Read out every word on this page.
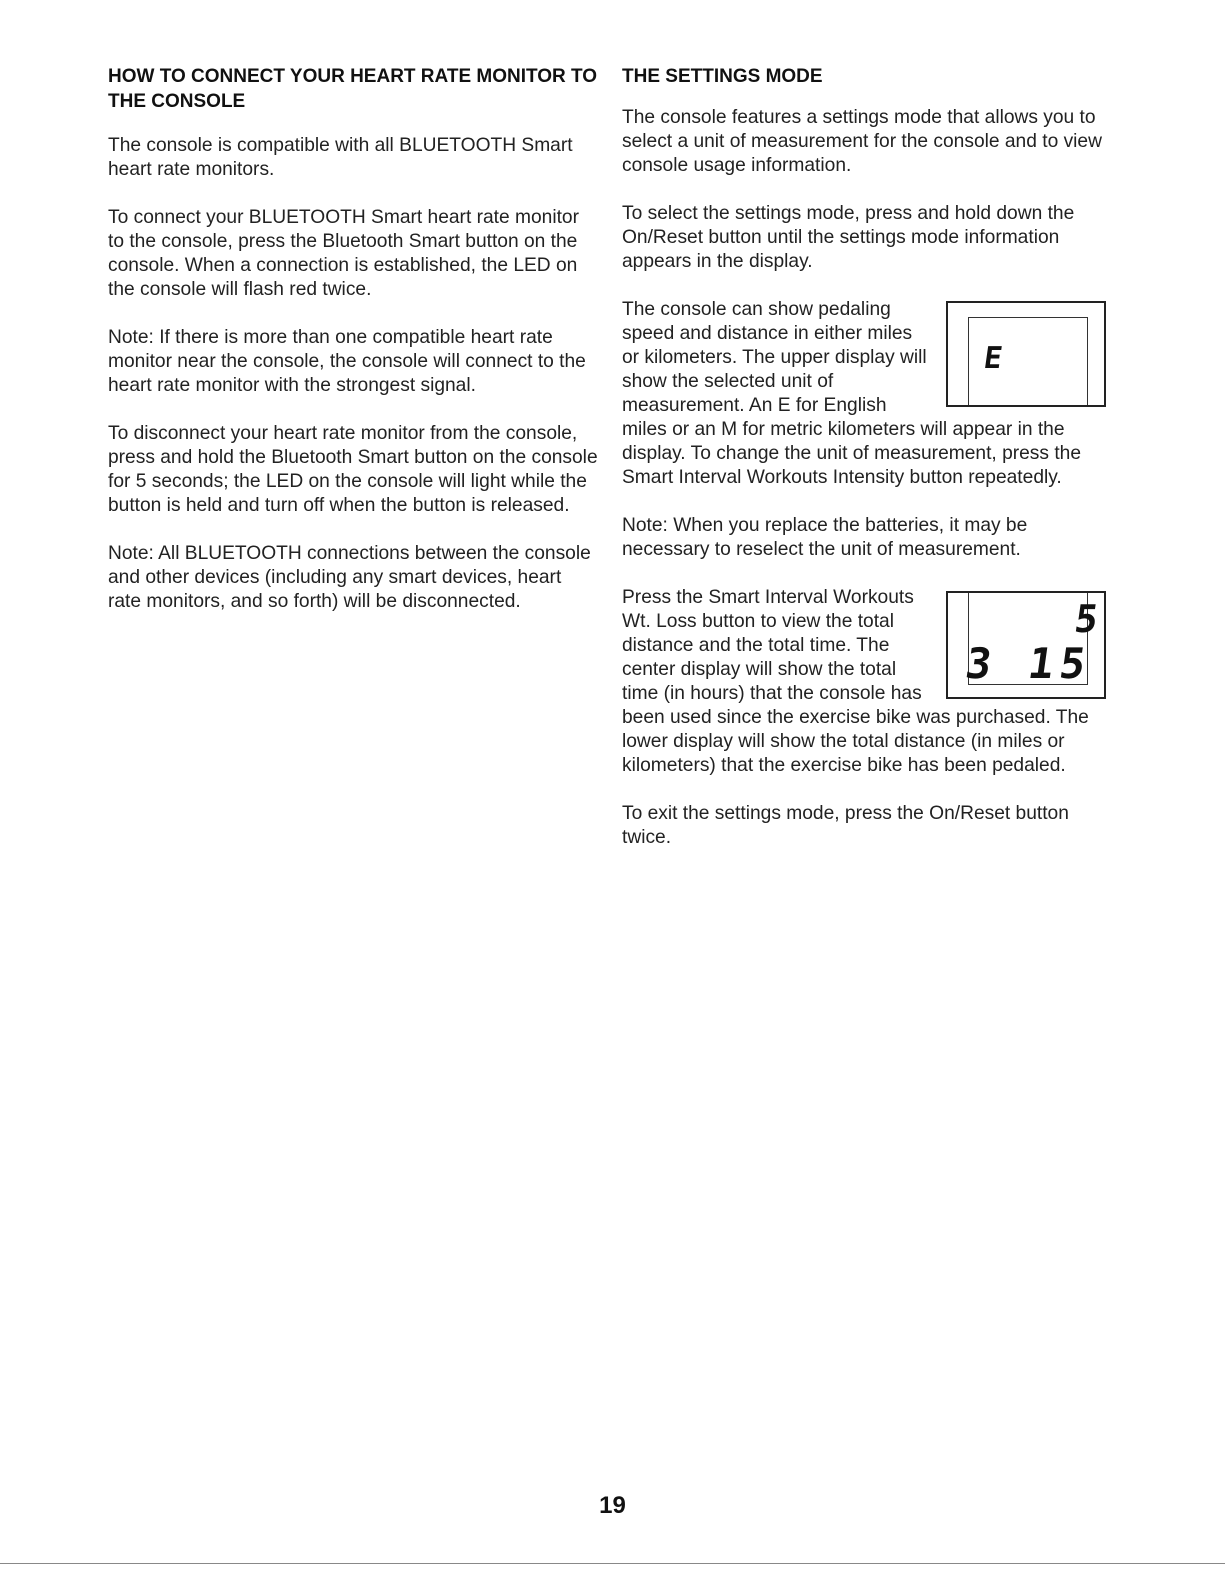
HOW TO CONNECT YOUR HEART RATE MONITOR TO THE CONSOLE

The console is compatible with all BLUETOOTH Smart heart rate monitors.

To connect your BLUETOOTH Smart heart rate monitor to the console, press the Bluetooth Smart button on the console. When a connection is established, the LED on the console will flash red twice.

Note: If there is more than one compatible heart rate monitor near the console, the console will connect to the heart rate monitor with the strongest signal.

To disconnect your heart rate monitor from the console, press and hold the Bluetooth Smart button on the console for 5 seconds; the LED on the console will light while the button is held and turn off when the button is released.

Note: All BLUETOOTH connections between the console and other devices (including any smart devices, heart rate monitors, and so forth) will be disconnected.

THE SETTINGS MODE

The console features a settings mode that allows you to select a unit of measurement for the console and to view console usage information.

To select the settings mode, press and hold down the On/Reset button until the settings mode information appears in the display.

E

The console can show pedaling speed and distance in either miles or kilometers. The upper display will show the selected unit of measurement. An E for English miles or an M for metric kilometers will appear in the display. To change the unit of measurement, press the Smart Interval Workouts Intensity button repeatedly.

Note: When you replace the batteries, it may be necessary to reselect the unit of measurement.

5
3 15

Press the Smart Interval Workouts Wt. Loss button to view the total distance and the total time. The center display will show the total time (in hours) that the console has been used since the exercise bike was purchased. The lower display will show the total distance (in miles or kilometers) that the exercise bike has been pedaled.

To exit the settings mode, press the On/Reset button twice.

19
